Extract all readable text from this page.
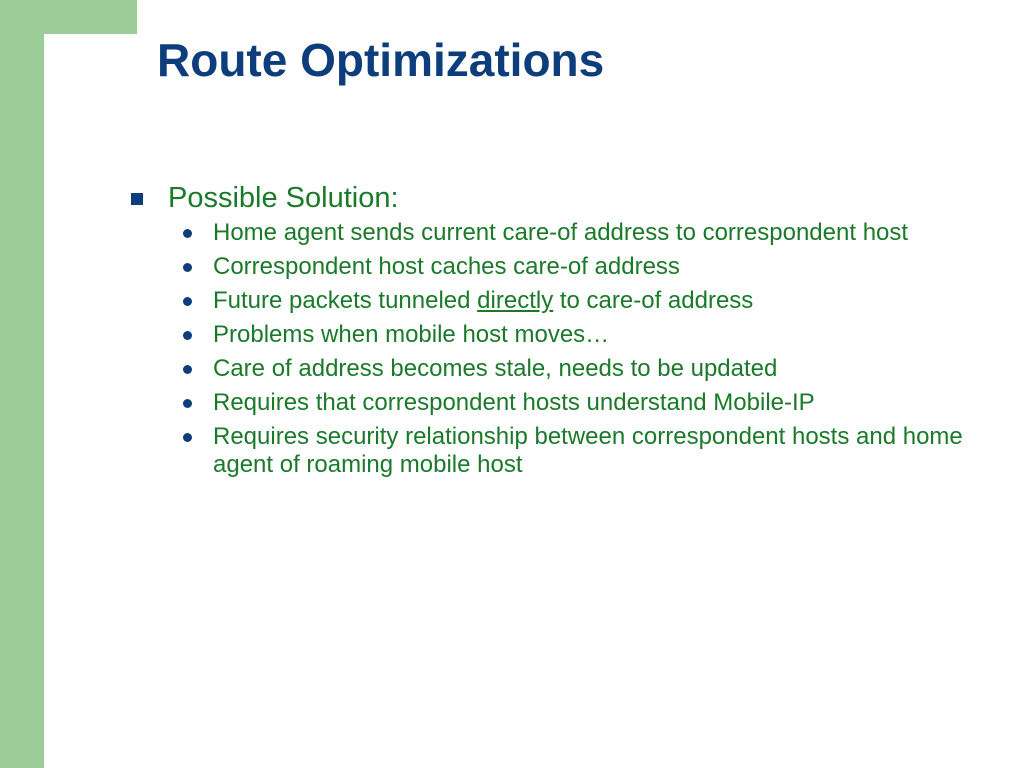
Route Optimizations
Possible Solution:
Home agent sends current care-of address to correspondent host
Correspondent host caches care-of address
Future packets tunneled directly to care-of address
Problems when mobile host moves…
Care of address becomes stale, needs to be updated
Requires that correspondent hosts understand Mobile-IP
Requires security relationship between correspondent hosts and home agent of roaming mobile host
